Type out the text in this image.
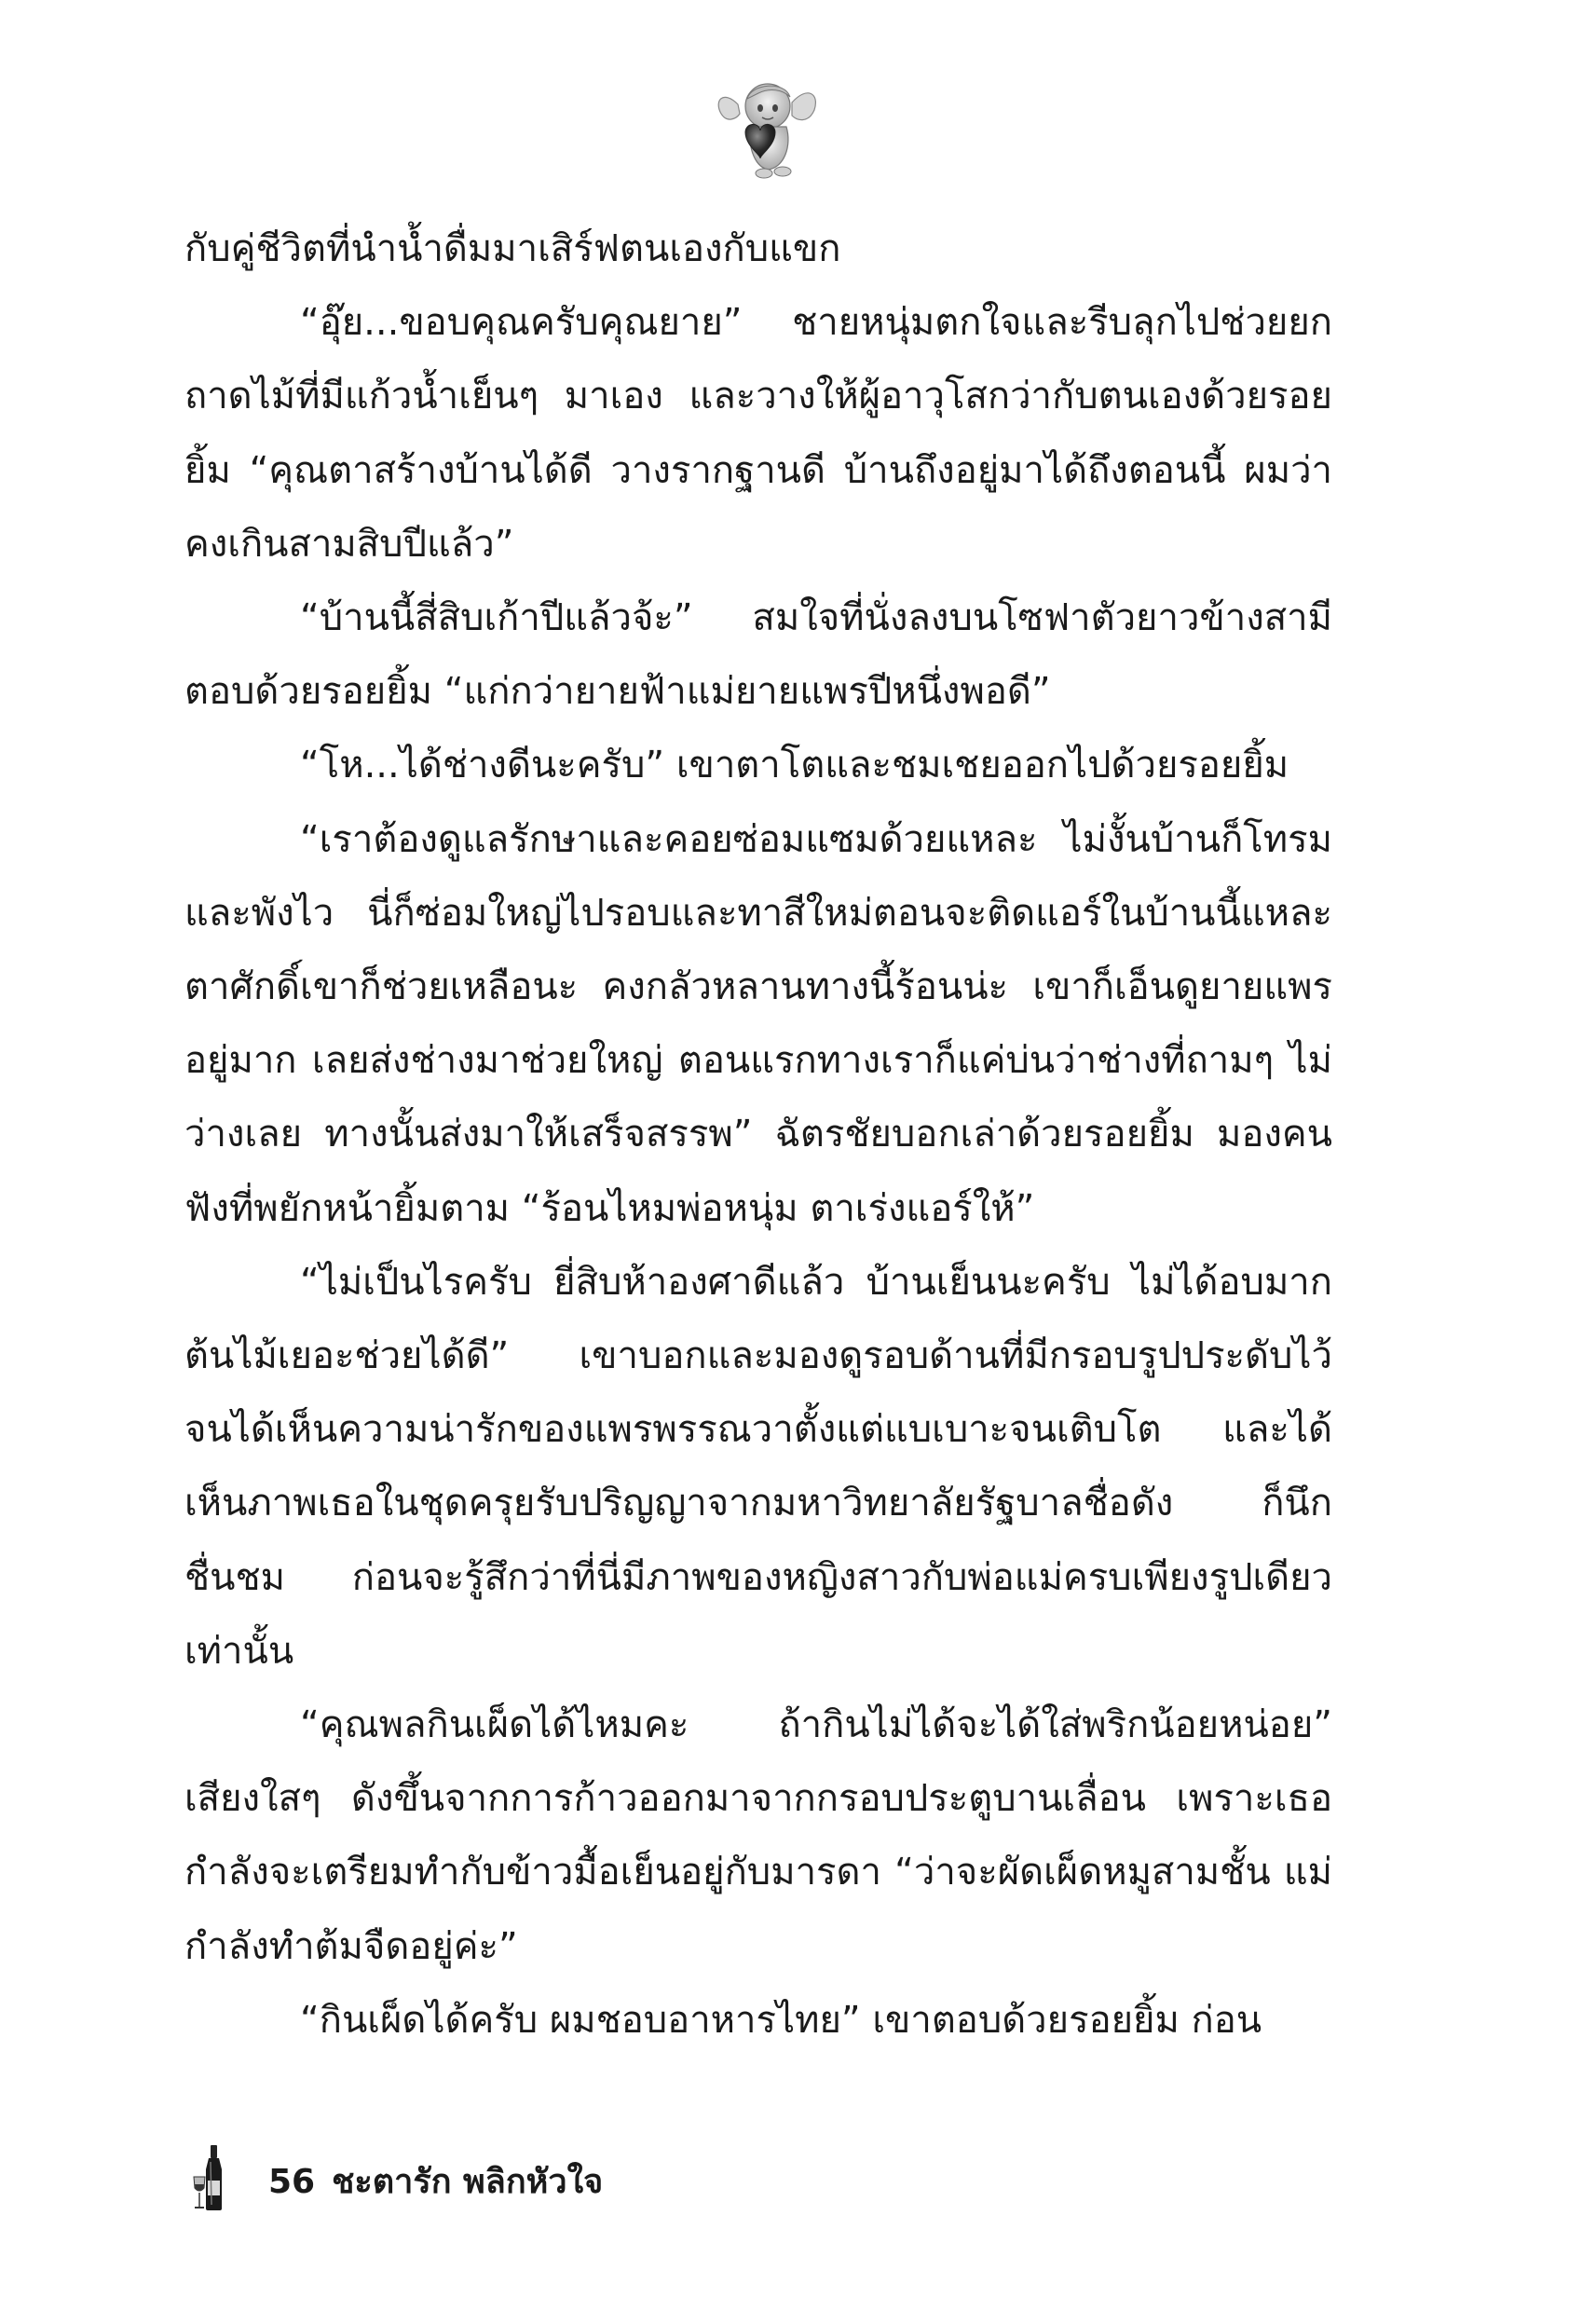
กับคู่ชีวิตที่นำน้ำดื่มมาเสิร์ฟตนเองกับแขก

“อุ๊ย...ขอบคุณครับคุณยาย” ชายหนุ่มตกใจและรีบลุกไปช่วยยกถาดไม้ที่มีแก้วน้ำเย็นๆ มาเอง และวางให้ผู้อาวุโสกว่ากับตนเองด้วยรอยยิ้ม “คุณตาสร้างบ้านได้ดี วางรากฐานดี บ้านถึงอยู่มาได้ถึงตอนนี้ ผมว่าคงเกินสามสิบปีแล้ว”

“บ้านนี้สี่สิบเก้าปีแล้วจ้ะ” สมใจที่นั่งลงบนโซฟาตัวยาวข้างสามีตอบด้วยรอยยิ้ม “แก่กว่ายายฟ้าแม่ยายแพรปีหนึ่งพอดี”

“โห...ได้ช่างดีนะครับ” เขาตาโตและชมเชยออกไปด้วยรอยยิ้ม

“เราต้องดูแลรักษาและคอยซ่อมแซมด้วยแหละ ไม่งั้นบ้านก็โทรมและพังไว นี่ก็ซ่อมใหญ่ไปรอบและทาสีใหม่ตอนจะติดแอร์ในบ้านนี้แหละ ตาศักดิ์เขาก็ช่วยเหลือนะ คงกลัวหลานทางนี้ร้อนน่ะ เขาก็เอ็นดูยายแพรอยู่มาก เลยส่งช่างมาช่วยใหญ่ ตอนแรกทางเราก็แค่บ่นว่าช่างที่ถามๆ ไม่ว่างเลย ทางนั้นส่งมาให้เสร็จสรรพ” ฉัตรชัยบอกเล่าด้วยรอยยิ้ม มองคนฟังที่พยักหน้ายิ้มตาม “ร้อนไหมพ่อหนุ่ม ตาเร่งแอร์ให้”

“ไม่เป็นไรครับ ยี่สิบห้าองศาดีแล้ว บ้านเย็นนะครับ ไม่ได้อบมาก ต้นไม้เยอะช่วยได้ดี” เขาบอกและมองดูรอบด้านที่มีกรอบรูปประดับไว้ จนได้เห็นความน่ารักของแพรพรรณวาตั้งแต่แบเบาะจนเติบโต และได้เห็นภาพเธอในชุดครุยรับปริญญาจากมหาวิทยาลัยรัฐบาลชื่อดัง ก็นึกชื่นชม ก่อนจะรู้สึกว่าที่นี่มีภาพของหญิงสาวกับพ่อแม่ครบเพียงรูปเดียวเท่านั้น

“คุณพลกินเผ็ดได้ไหมคะ ถ้ากินไม่ได้จะได้ใส่พริกน้อยหน่อย” เสียงใสๆ ดังขึ้นจากการก้าวออกมาจากกรอบประตูบานเลื่อน เพราะเธอกำลังจะเตรียมทำกับข้าวมื้อเย็นอยู่กับมารดา “ว่าจะผัดเผ็ดหมูสามชั้น แม่กำลังทำต้มจืดอยู่ค่ะ”

“กินเผ็ดได้ครับ ผมชอบอาหารไทย” เขาตอบด้วยรอยยิ้ม ก่อน

56 ชะตารัก พลิกหัวใจ
